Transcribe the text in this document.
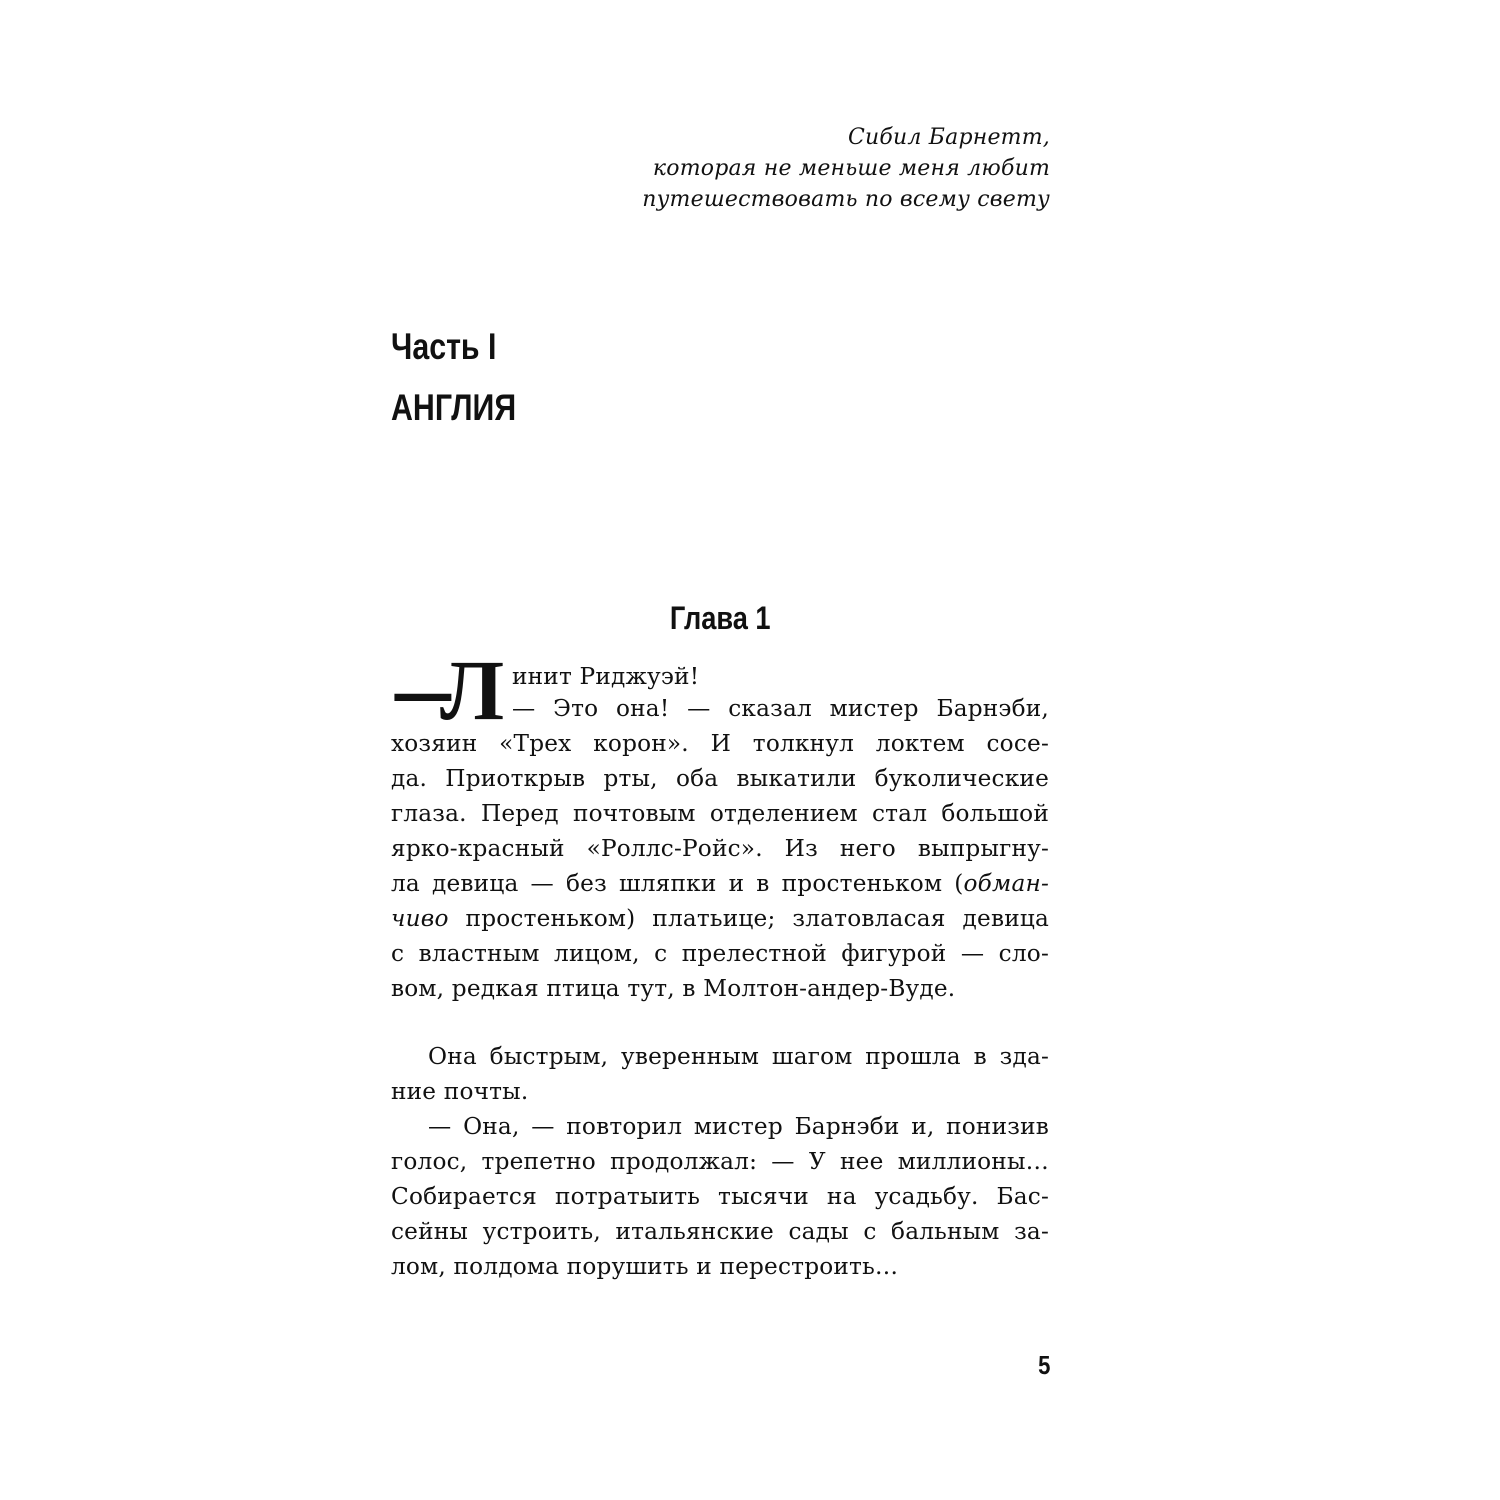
Сибил Барнетт,
которая не меньше меня любит
путешествовать по всему свету
Часть I
АНГЛИЯ
Глава 1
—
Л инит Риджуэй!
— Это она! — сказал мистер Барнэби,
хозяин «Трех корон». И толкнул локтем сосе-
да. Приоткрыв рты, оба выкатили буколические
глаза. Перед почтовым отделением стал большой
ярко-красный «Роллс-Ройс». Из него выпрыгну-
ла девица — без шляпки и в простеньком (обман-
чиво простеньком) платьице; златовласая девица
с властным лицом, с прелестной фигурой — сло-
вом, редкая птица тут, в Молтон-андер-Вуде.
Она быстрым, уверенным шагом прошла в зда-
ние почты.
— Она, — повторил мистер Барнэби и, понизив
голос, трепетно продолжал: — У нее миллионы…
Собирается потратыить тысячи на усадьбу. Бас-
сейны устроить, итальянские сады с бальным за-
лом, полдома порушить и перестроить…
5
